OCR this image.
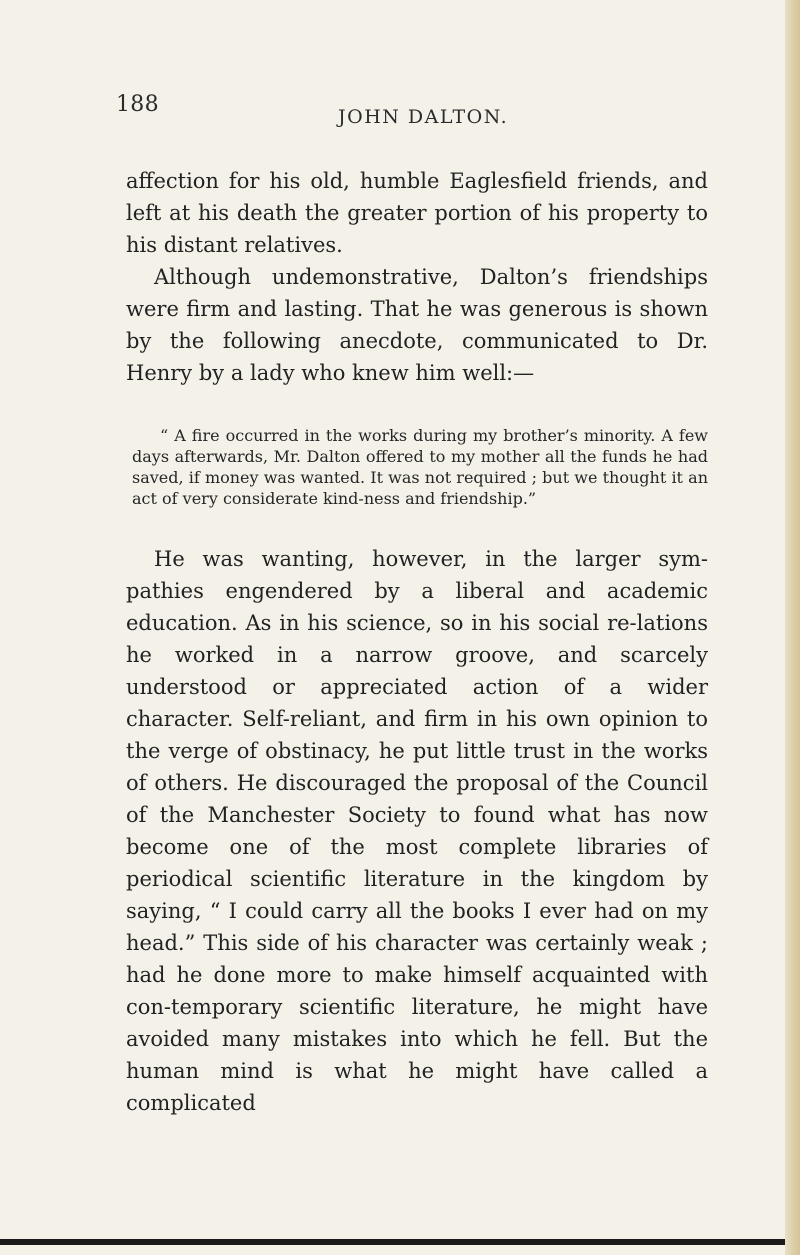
188	JOHN DALTON.

affection for his old, humble Eaglesfield friends, and left at his death the greater portion of his property to his distant relatives.

Although undemonstrative, Dalton’s friendships were firm and lasting. That he was generous is shown by the following anecdote, communicated to Dr. Henry by a lady who knew him well:—

“ A fire occurred in the works during my brother’s minority. A few days afterwards, Mr. Dalton offered to my mother all the funds he had saved, if money was wanted. It was not required ; but we thought it an act of very considerate kind-ness and friendship.”

He was wanting, however, in the larger sym-pathies engendered by a liberal and academic education. As in his science, so in his social re-lations he worked in a narrow groove, and scarcely understood or appreciated action of a wider character. Self-reliant, and firm in his own opinion to the verge of obstinacy, he put little trust in the works of others. He discouraged the proposal of the Council of the Manchester Society to found what has now become one of the most complete libraries of periodical scientific literature in the kingdom by saying, “ I could carry all the books I ever had on my head.” This side of his character was certainly weak ; had he done more to make himself acquainted with con-temporary scientific literature, he might have avoided many mistakes into which he fell. But the human mind is what he might have called a complicated
